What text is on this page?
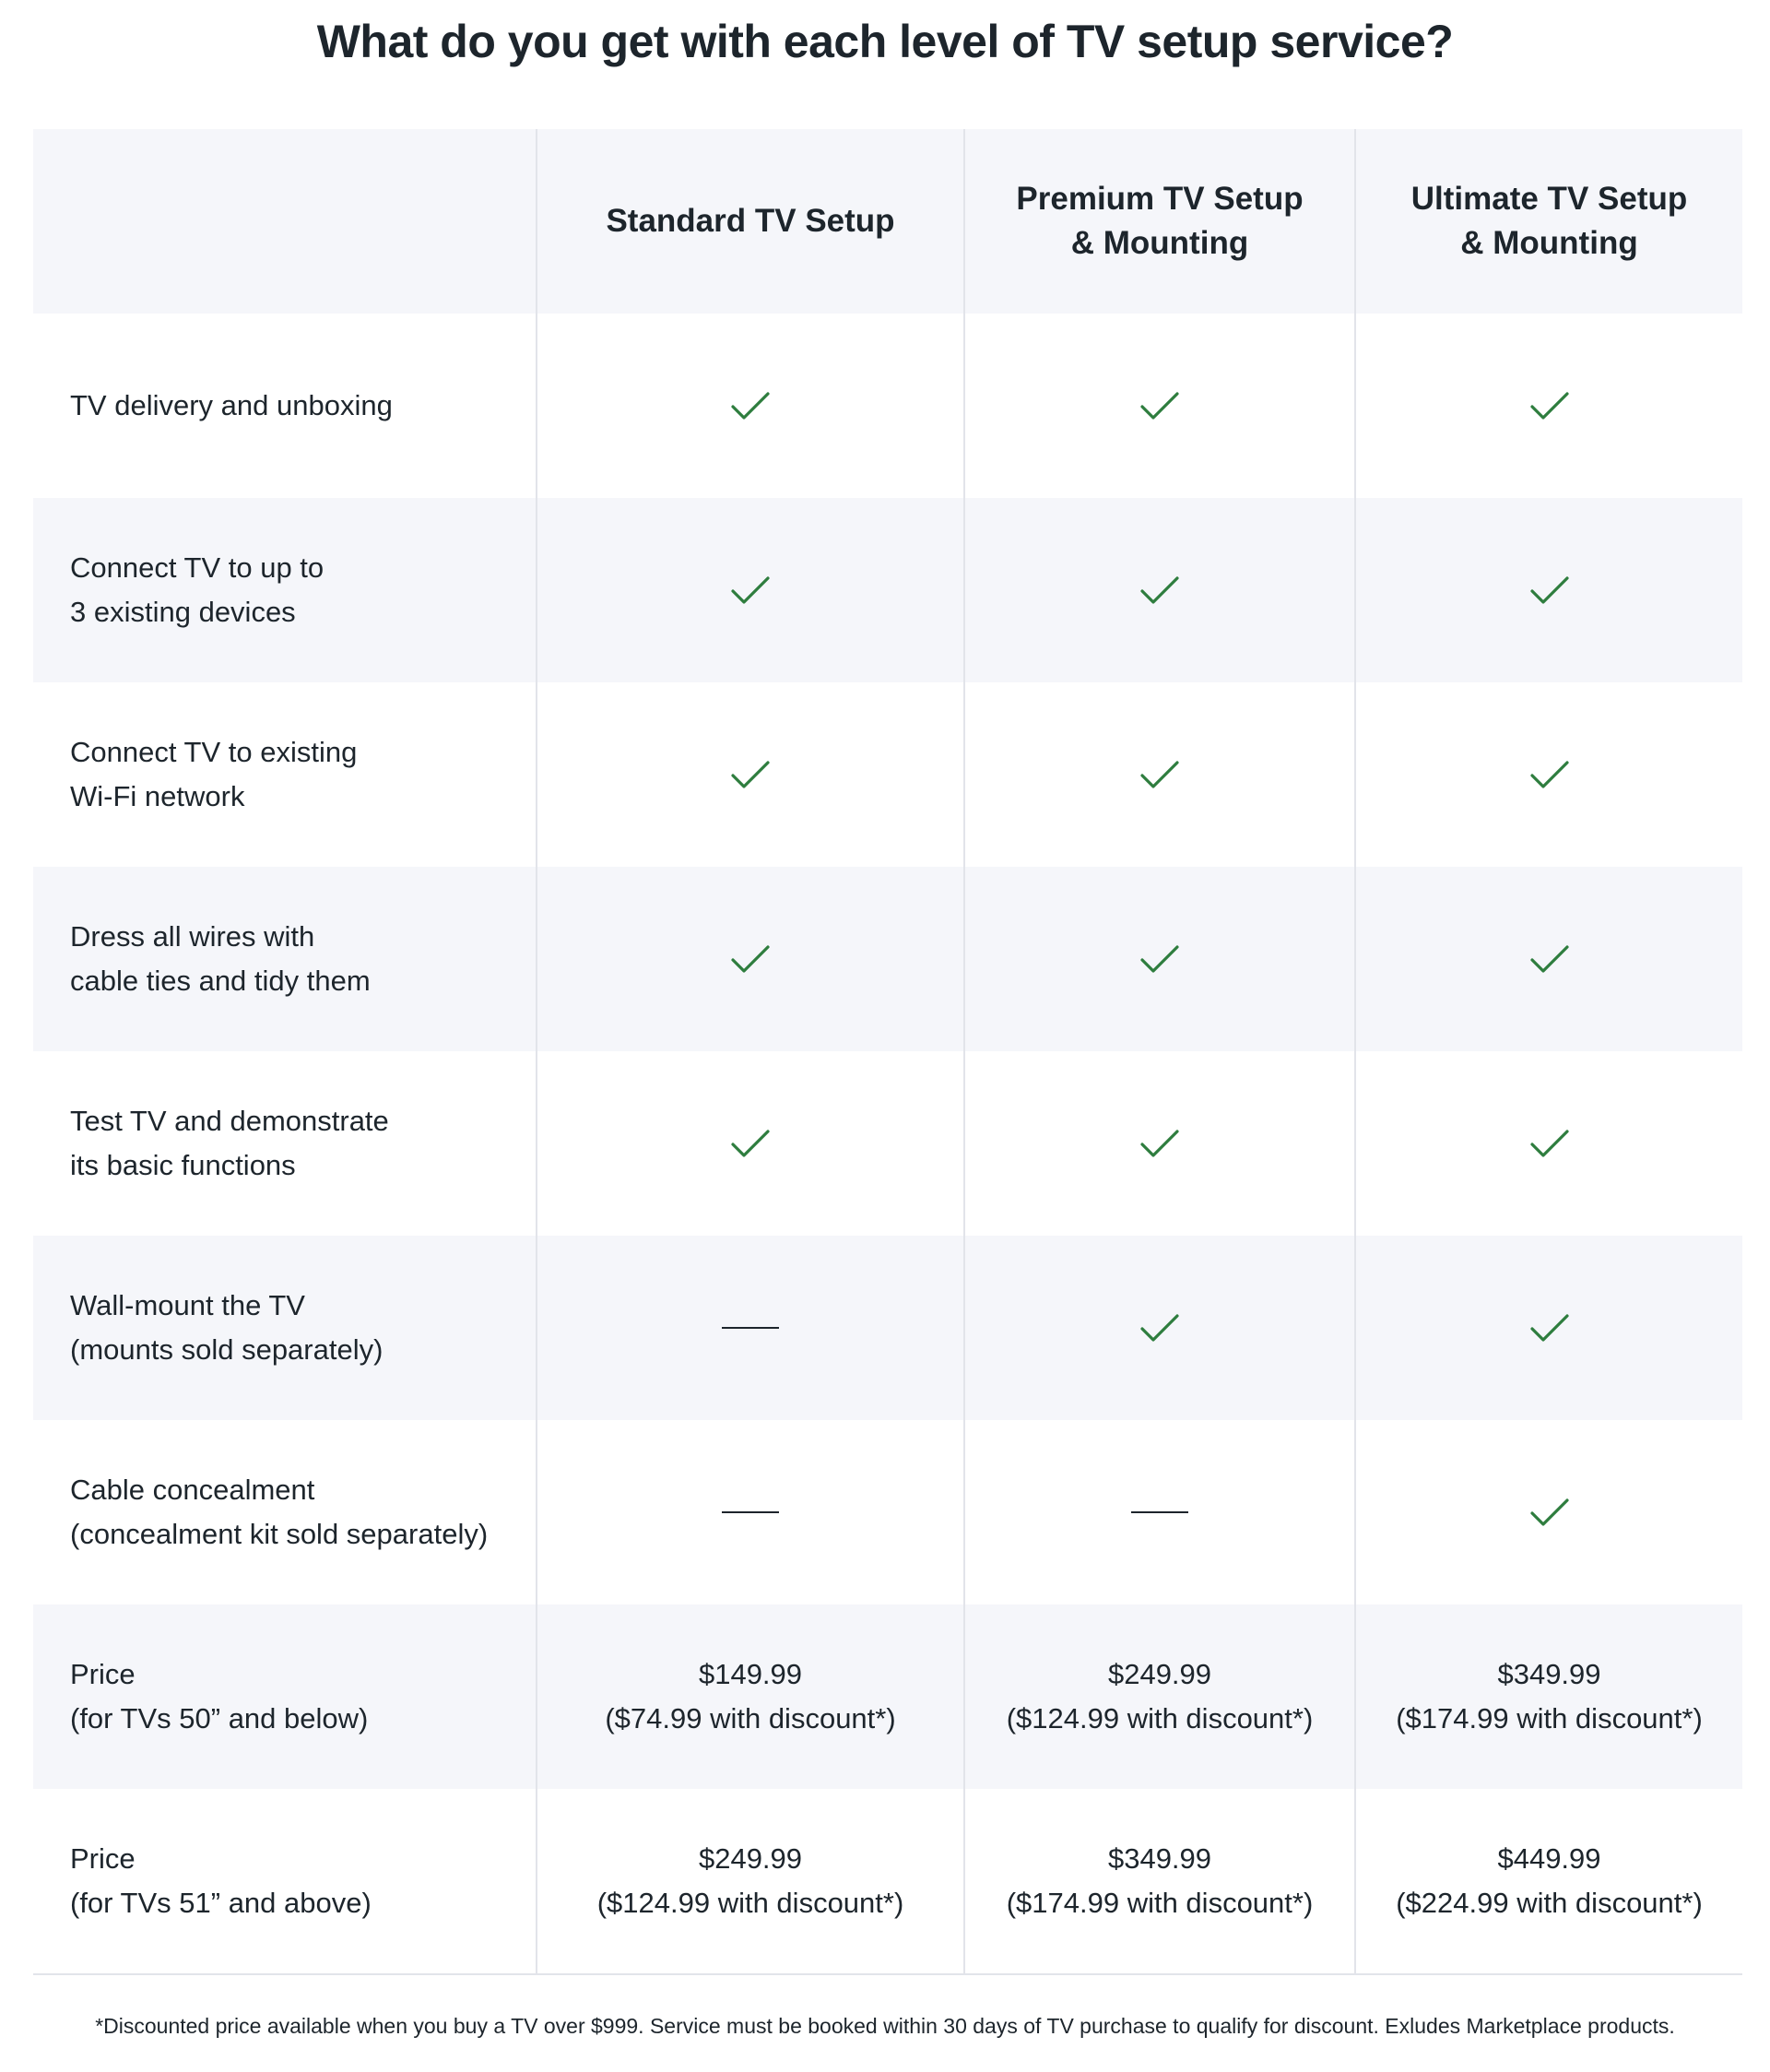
What do you get with each level of TV setup service?
Standard TV Setup
Premium TV Setup
& Mounting
Ultimate TV Setup
& Mounting
TV delivery and unboxing
Connect TV to up to
3 existing devices
Connect TV to existing
Wi-Fi network
Dress all wires with
cable ties and tidy them
Test TV and demonstrate
its basic functions
Wall-mount the TV
(mounts sold separately)
Cable concealment
(concealment kit sold separately)
Price
(for TVs 50” and below)
$149.99
($74.99 with discount*)
$249.99
($124.99 with discount*)
$349.99
($174.99 with discount*)
Price
(for TVs 51” and above)
$249.99
($124.99 with discount*)
$349.99
($174.99 with discount*)
$449.99
($224.99 with discount*)
*Discounted price available when you buy a TV over $999. Service must be booked within 30 days of TV purchase to qualify for discount. Exludes Marketplace products.
